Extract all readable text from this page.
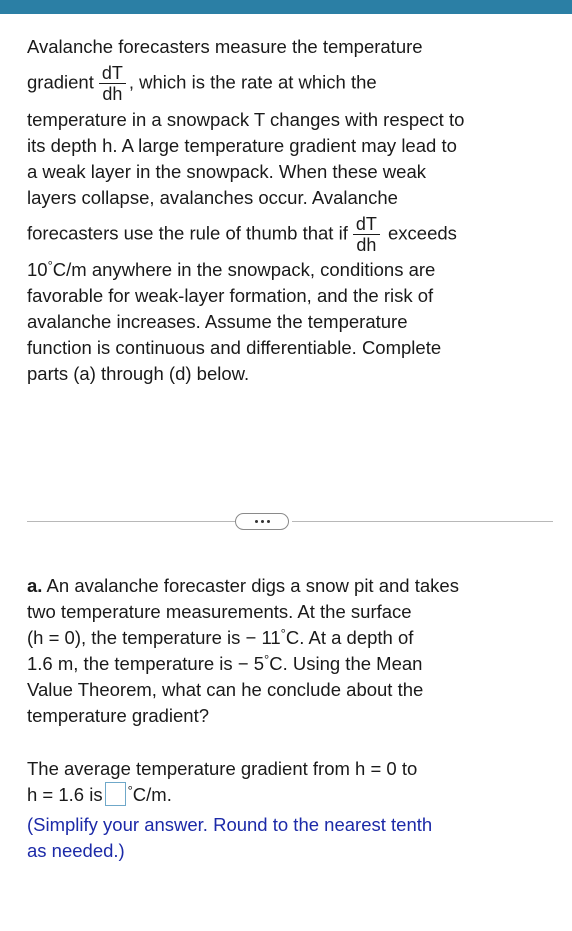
Avalanche forecasters measure the temperature
gradient $\frac{dT}{dh}$ , which is the rate at which the
temperature in a snowpack T changes with respect to
its depth h. A large temperature gradient may lead to
a weak layer in the snowpack. When these weak
layers collapse, avalanches occur. Avalanche
forecasters use the rule of thumb that if $\frac{dT}{dh}$ exceeds
10°C/m anywhere in the snowpack, conditions are
favorable for weak-layer formation, and the risk of
avalanche increases. Assume the temperature
function is continuous and differentiable. Complete
parts (a) through (d) below.
a. An avalanche forecaster digs a snow pit and takes
two temperature measurements. At the surface
(h = 0), the temperature is − 11°C. At a depth of
1.6 m, the temperature is − 5°C. Using the Mean
Value Theorem, what can he conclude about the
temperature gradient?
The average temperature gradient from h = 0 to
h = 1.6 is °C/m.
(Simplify your answer. Round to the nearest tenth
as needed.)
